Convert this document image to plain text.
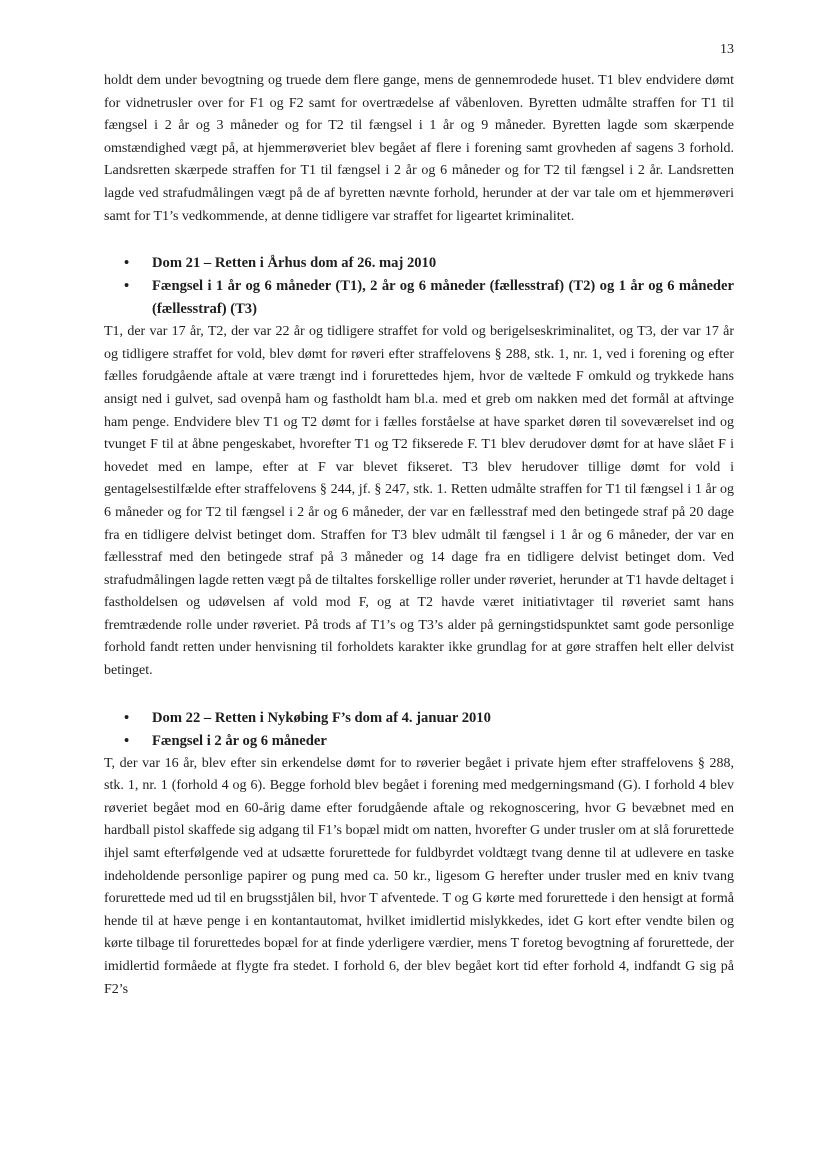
13

holdt dem under bevogtning og truede dem flere gange, mens de gennemrodede huset. T1 blev endvidere dømt for vidnetrusler over for F1 og F2 samt for overtrædelse af våbenloven. Byretten udmålte straffen for T1 til fængsel i 2 år og 3 måneder og for T2 til fængsel i 1 år og 9 måneder. Byretten lagde som skærpende omstændighed vægt på, at hjemmerøveriet blev begået af flere i forening samt grovheden af sagens 3 forhold. Landsretten skærpede straffen for T1 til fængsel i 2 år og 6 måneder og for T2 til fængsel i 2 år. Landsretten lagde ved strafudmålingen vægt på de af byretten nævnte forhold, herunder at der var tale om et hjemmerøveri samt for T1’s vedkommende, at denne tidligere var straffet for ligeartet kriminalitet.

• Dom 21 – Retten i Århus dom af 26. maj 2010
• Fængsel i 1 år og 6 måneder (T1), 2 år og 6 måneder (fællesstraf) (T2) og 1 år og 6 måneder (fællesstraf) (T3)

T1, der var 17 år, T2, der var 22 år og tidligere straffet for vold og berigelseskriminalitet, og T3, der var 17 år og tidligere straffet for vold, blev dømt for røveri efter straffelovens § 288, stk. 1, nr. 1, ved i forening og efter fælles forudgående aftale at være trængt ind i forurettedes hjem, hvor de væltede F omkuld og trykkede hans ansigt ned i gulvet, sad ovenpå ham og fastholdt ham bl.a. med et greb om nakken med det formål at aftvinge ham penge. Endvidere blev T1 og T2 dømt for i fælles forståelse at have sparket døren til soveværelset ind og tvunget F til at åbne pengeskabet, hvorefter T1 og T2 fikserede F. T1 blev derudover dømt for at have slået F i hovedet med en lampe, efter at F var blevet fikseret. T3 blev herudover tillige dømt for vold i gentagelsestilfælde efter straffelovens § 244, jf. § 247, stk. 1. Retten udmålte straffen for T1 til fængsel i 1 år og 6 måneder og for T2 til fængsel i 2 år og 6 måneder, der var en fællesstraf med den betingede straf på 20 dage fra en tidligere delvist betinget dom. Straffen for T3 blev udmålt til fængsel i 1 år og 6 måneder, der var en fællesstraf med den betingede straf på 3 måneder og 14 dage fra en tidligere delvist betinget dom. Ved strafudmålingen lagde retten vægt på de tiltaltes forskellige roller under røveriet, herunder at T1 havde deltaget i fastholdelsen og udøvelsen af vold mod F, og at T2 havde været initiativtager til røveriet samt hans fremtrædende rolle under røveriet. På trods af T1’s og T3’s alder på gerningstidspunktet samt gode personlige forhold fandt retten under henvisning til forholdets karakter ikke grundlag for at gøre straffen helt eller delvist betinget.

• Dom 22 – Retten i Nykøbing F’s dom af 4. januar 2010
• Fængsel i 2 år og 6 måneder

T, der var 16 år, blev efter sin erkendelse dømt for to røverier begået i private hjem efter straffelovens § 288, stk. 1, nr. 1 (forhold 4 og 6). Begge forhold blev begået i forening med medgerningsmand (G). I forhold 4 blev røveriet begået mod en 60-årig dame efter forudgående aftale og rekognoscering, hvor G bevæbnet med en hardball pistol skaffede sig adgang til F1’s bopæl midt om natten, hvorefter G under trusler om at slå forurettede ihjel samt efterfølgende ved at udsætte forurettede for fuldbyrdet voldtægt tvang denne til at udlevere en taske indeholdende personlige papirer og pung med ca. 50 kr., ligesom G herefter under trusler med en kniv tvang forurettede med ud til en brugsstjålen bil, hvor T afventede. T og G kørte med forurettede i den hensigt at formå hende til at hæve penge i en kontantautomat, hvilket imidlertid mislykkedes, idet G kort efter vendte bilen og kørte tilbage til forurettedes bopæl for at finde yderligere værdier, mens T foretog bevogtning af forurettede, der imidlertid formåede at flygte fra stedet. I forhold 6, der blev begået kort tid efter forhold 4, indfandt G sig på F2’s
